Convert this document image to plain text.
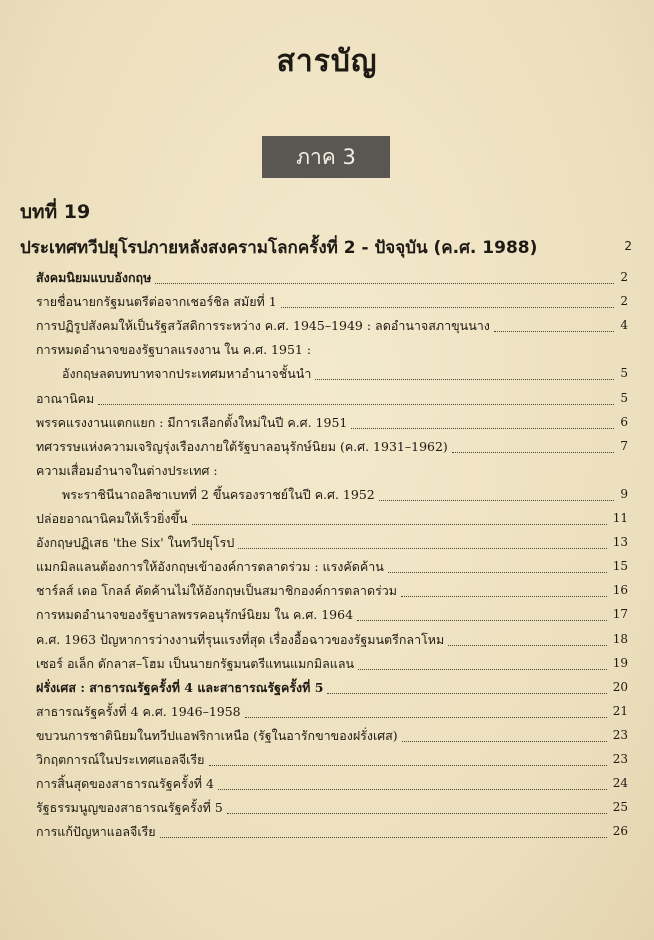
สารบัญ
ภาค 3
บทที่ 19
ประเทศทวีปยุโรปภายหลังสงครามโลกครั้งที่ 2 - ปัจจุบัน (ค.ศ. 1988)	2
สังคมนิยมแบบอังกฤษ	2
รายชื่อนายกรัฐมนตรีต่อจากเชอร์ชิล สมัยที่ 1	2
การปฏิรูปสังคมให้เป็นรัฐสวัสดิการระหว่าง ค.ศ. 1945–1949 : ลดอำนาจสภาขุนนาง	4
การหมดอำนาจของรัฐบาลแรงงาน ใน ค.ศ. 1951 :
อังกฤษลดบทบาทจากประเทศมหาอำนาจชั้นนำ	5
อาณานิคม	5
พรรคแรงงานแตกแยก : มีการเลือกตั้งใหม่ในปี ค.ศ. 1951	6
ทศวรรษแห่งความเจริญรุ่งเรืองภายใต้รัฐบาลอนุรักษ์นิยม (ค.ศ. 1931–1962)	7
ความเสื่อมอำนาจในต่างประเทศ :
พระราชินีนาถอลิซาเบทที่ 2 ขึ้นครองราชย์ในปี ค.ศ. 1952	9
ปล่อยอาณานิคมให้เร็วยิ่งขึ้น	11
อังกฤษปฏิเสธ 'the Six' ในทวีปยุโรป	13
แมกมิลแลนต้องการให้อังกฤษเข้าองค์การตลาดร่วม : แรงคัดค้าน	15
ชาร์ลส์ เดอ โกลล์ คัดค้านไม่ให้อังกฤษเป็นสมาชิกองค์การตลาดร่วม	16
การหมดอำนาจของรัฐบาลพรรคอนุรักษ์นิยม ใน ค.ศ. 1964	17
ค.ศ. 1963 ปัญหาการว่างงานที่รุนแรงที่สุด เรื่องอื้อฉาวของรัฐมนตรีกลาโหม	18
เซอร์ อเล็ก ดักลาส–โฮม เป็นนายกรัฐมนตรีแทนแมกมิลแลน	19
ฝรั่งเศส : สาธารณรัฐครั้งที่ 4 และสาธารณรัฐครั้งที่ 5	20
สาธารณรัฐครั้งที่ 4 ค.ศ. 1946–1958	21
ขบวนการชาตินิยมในทวีปแอฟริกาเหนือ (รัฐในอารักขาของฝรั่งเศส)	23
วิกฤตการณ์ในประเทศแอลจีเรีย	23
การสิ้นสุดของสาธารณรัฐครั้งที่ 4	24
รัฐธรรมนูญของสาธารณรัฐครั้งที่ 5	25
การแก้ปัญหาแอลจีเรีย	26
